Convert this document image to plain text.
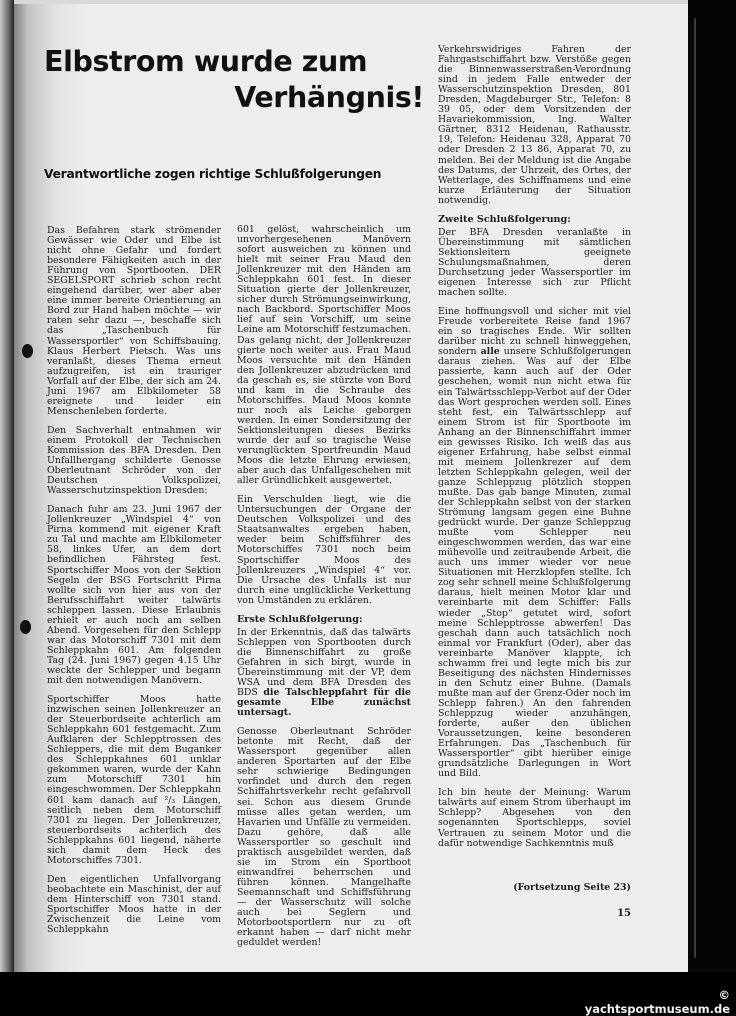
Elbstrom wurde zum
Verhängnis!
Verantwortliche zogen richtige Schlußfolgerungen

Das Befahren stark strömender Gewässer wie Oder und Elbe ist nicht ohne Gefahr und fordert besondere Fähigkeiten auch in der Führung von Sportbooten. DER SEGELSPORT schrieb schon recht eingehend darüber, wer aber aber eine immer bereite Orientierung an Bord zur Hand haben möchte — wir raten sehr dazu —, beschaffe sich das „Taschenbuch für Wassersportler“ von Schiffsbauing. Klaus Herbert Pietsch. Was uns veranlaßt, dieses Thema erneut aufzugreifen, ist ein trauriger Vorfall auf der Elbe, der sich am 24. Juni 1967 am Elbkilometer 58 ereignete und leider ein Menschenleben forderte.

Den Sachverhalt entnahmen wir einem Protokoll der Technischen Kommission des BFA Dresden. Den Unfallhergang schilderte Genosse Oberleutnant Schröder von der Deutschen Volkspolizei, Wasserschutzinspektion Dresden:

Danach fuhr am 23. Juni 1967 der Jollenkreuzer „Windspiel 4“ von Pirna kommend mit eigener Kraft zu Tal und machte am Elbkilometer 58, linkes Ufer, an dem dort befindlichen Fährsteg fest. Sportschiffer Moos von der Sektion Segeln der BSG Fortschritt Pirna wollte sich von hier aus von der Berufsschiffahrt weiter talwärts schleppen lassen. Diese Erlaubnis erhielt er auch noch am selben Abend. Vorgesehen für den Schlepp war das Motorschiff 7301 mit dem Schleppkahn 601. Am folgenden Tag (24. Juni 1967) gegen 4.15 Uhr weckte der Schlepper und begann mit den notwendigen Manövern.

Sportschiffer Moos hatte inzwischen seinen Jollenkreuzer an der Steuerbordseite achterlich am Schleppkahn 601 festgemacht. Zum Aufklaren der Schlepptrossen des Schleppers, die mit dem Buganker des Schleppkahnes 601 unklar gekommen waren, wurde der Kahn zum Motorschiff 7301 hin eingeschwommen. Der Schleppkahn 601 kam danach auf ²/₃ Längen, seitlich neben dem Motorschiff 7301 zu liegen. Der Jollenkreuzer, steuerbordseits achterlich des Schleppkahns 601 liegend, näherte sich damit dem Heck des Motorschiffes 7301.

Den eigentlichen Unfallvorgang beobachtete ein Maschinist, der auf dem Hinterschiff von 7301 stand. Sportschiffer Moos hatte in der Zwischenzeit die Leine vom Schleppkahn

601 gelöst, wahrscheinlich um unvorhergesehenen Manövern sofort ausweichen zu können und hielt mit seiner Frau Maud den Jollenkreuzer mit den Händen am Schleppkahn 601 fest. In dieser Situation gierte der Jollenkreuzer, sicher durch Strömungseinwirkung, nach Backbord. Sportschiffer Moos lief auf sein Vorschiff, um seine Leine am Motorschiff festzumachen. Das gelang nicht, der Jollenkreuzer gierte noch weiter aus. Frau Maud Moos versuchte mit den Händen den Jollenkreuzer abzudrücken und da geschah es, sie stürzte von Bord und kam in die Schraube des Motorschiffes. Maud Moos konnte nur noch als Leiche geborgen werden. In einer Sondersitzung der Sektionsleitungen dieses Bezirks wurde der auf so tragische Weise verunglückten Sportfreundin Maud Moos die letzte Ehrung erwiesen, aber auch das Unfallgeschehen mit aller Gründlichkeit ausgewertet.

Ein Verschulden liegt, wie die Untersuchungen der Organe der Deutschen Volkspolizei und des Staatsanwaltes ergeben haben, weder beim Schiffsführer des Motorschiffes 7301 noch beim Sportschiffer Moos des Jollenkreuzers „Windspiel 4“ vor. Die Ursache des Unfalls ist nur durch eine unglückliche Verkettung von Umständen zu erklären.

Erste Schlußfolgerung:

In der Erkenntnis, daß das talwärts Schleppen von Sportbooten durch die Binnenschiffahrt zu große Gefahren in sich birgt, wurde in Übereinstimmung mit der VP, dem WSA und dem BFA Dresden des BDS die Talschleppfahrt für die gesamte Elbe zunächst untersagt.

Genosse Oberleutnant Schröder betonte mit Recht, daß der Wassersport gegenüber allen anderen Sportarten auf der Elbe sehr schwierige Bedingungen vorfindet und durch den regen Schiffahrtsverkehr recht gefahrvoll sei. Schon aus diesem Grunde müsse alles getan werden, um Havarien und Unfälle zu vermeiden. Dazu gehöre, daß alle Wassersportler so geschult und praktisch ausgebildet werden, daß sie im Strom ein Sportboot einwandfrei beherrschen und führen können. Mangelhafte Seemannschaft und Schiffsführung — der Wasserschutz will solche auch bei Seglern und Motorbootsportlern nur zu oft erkannt haben — darf nicht mehr geduldet werden!

Verkehrswidriges Fahren der Fahrgastschiffahrt bzw. Verstöße gegen die Binnenwasserstraßen-Verordnung sind in jedem Falle entweder der Wasserschutzinspektion Dresden, 801 Dresden, Magdeburger Str., Telefon: 8 39 05, oder dem Vorsitzenden der Havariekommission, Ing. Walter Gärtner, 8312 Heidenau, Rathausstr. 19, Telefon: Heidenau 328, Apparat 70 oder Dresden 2 13 86, Apparat 70, zu melden. Bei der Meldung ist die Angabe des Datums, der Uhrzeit, des Ortes, der Wetterlage, des Schiffnamens und eine kurze Erläuterung der Situation notwendig.

Zweite Schlußfolgerung:

Der BFA Dresden veranlaßte in Übereinstimmung mit sämtlichen Sektionsleitern geeignete Schulungsmaßnahmen, deren Durchsetzung jeder Wassersportler im eigenen Interesse sich zur Pflicht machen sollte.

Eine hoffnungsvoll und sicher mit viel Freude vorbereitete Reise fand 1967 ein so tragisches Ende. Wir sollten darüber nicht zu schnell hinweggehen, sondern alle unsere Schlußfolgerungen daraus ziehen. Was auf der Elbe passierte, kann auch auf der Oder geschehen, womit nun nicht etwa für ein Talwärtsschlepp-Verbot auf der Oder das Wort gesprochen werden soll. Eines steht fest, ein Talwärtsschlepp auf einem Strom ist für Sportboote im Anhang an der Binnenschiffahrt immer ein gewisses Risiko. Ich weiß das aus eigener Erfahrung, habe selbst einmal mit meinem Jollenkrezer auf dem letzten Schleppkahn gelegen, weil der ganze Schleppzug plötzlich stoppen mußte. Das gab bange Minuten, zumal der Schleppkahn selbst von der starken Strömung langsam gegen eine Buhne gedrückt wurde. Der ganze Schleppzug mußte vom Schlepper neu eingeschwommen werden, das war eine mühevolle und zeitraubende Arbeit, die auch uns immer wieder vor neue Situationen mit Herzklopfen stellte. Ich zog sehr schnell meine Schlußfolgerung daraus, hielt meinen Motor klar und vereinbarte mit dem Schiffer: Falls wieder „Stop“ getutet wird, sofort meine Schlepptrosse abwerfen! Das geschah dann auch tatsächlich noch einmal vor Frankfurt (Oder), aber das vereinbarte Manöver klappte, ich schwamm frei und legte mich bis zur Beseitigung des nächsten Hindernisses in den Schutz einer Buhne. (Damals mußte man auf der Grenz-Oder noch im Schlepp fahren.) An den fahrenden Schleppzug wieder anzuhängen, forderte, außer den üblichen Voraussetzungen, keine besonderen Erfahrungen. Das „Taschenbuch für Wassersportler“ gibt hierüber einige grundsätzliche Darlegungen in Wort und Bild.

Ich bin heute der Meinung: Warum talwärts auf einem Strom überhaupt im Schlepp? Abgesehen von den sogenannten Sportschlepps, soviel Vertrauen zu seinem Motor und die dafür notwendige Sachkenntnis muß

(Fortsetzung Seite 23)
15
© yachtsportmuseum.de
